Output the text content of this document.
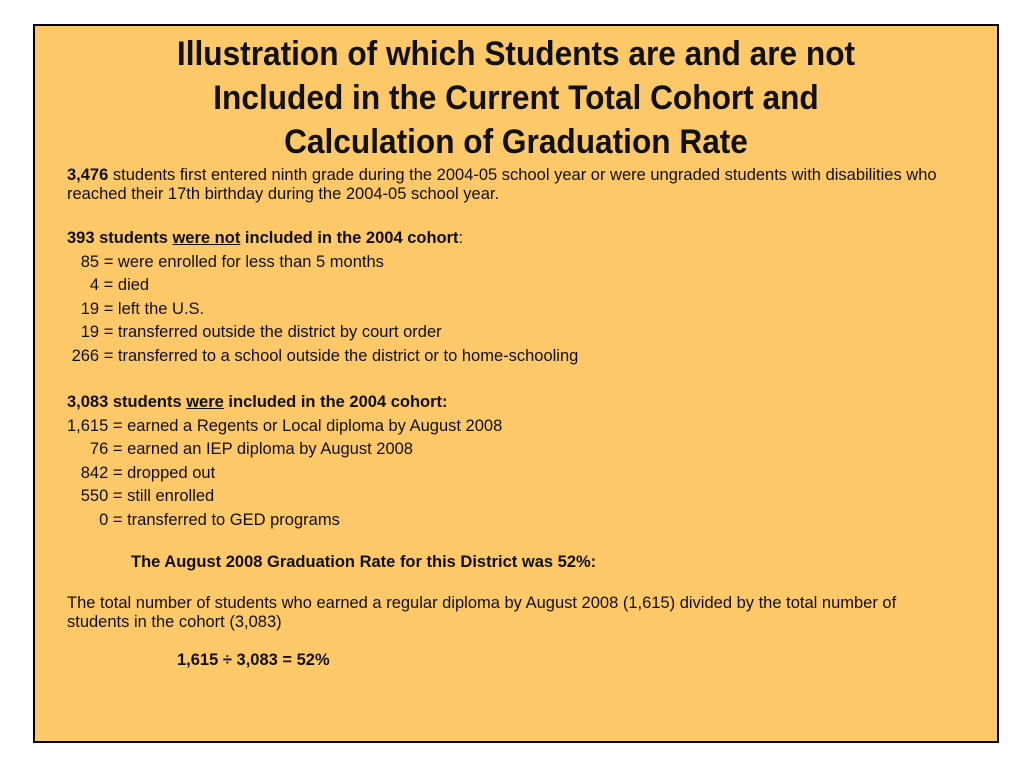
Illustration of which Students are and are not
Included in the Current Total Cohort and
Calculation of Graduation Rate

3,476 students first entered ninth grade during the 2004-05 school year or were ungraded students with disabilities who reached their 17th birthday during the 2004-05 school year.

393 students were not included in the 2004 cohort:
85 = were enrolled for less than 5 months
4 = died
19 = left the U.S.
19 = transferred outside the district by court order
266 = transferred to a school outside the district or to home-schooling
3,083 students were included in the 2004 cohort:
1,615 = earned a Regents or Local diploma by August 2008
76 = earned an IEP diploma by August 2008
842 = dropped out
550 = still enrolled
0 = transferred to GED programs
The August 2008 Graduation Rate for this District was 52%:

The total number of students who earned a regular diploma by August 2008 (1,615) divided by the total number of students in the cohort (3,083)

1,615 ÷ 3,083 = 52%
